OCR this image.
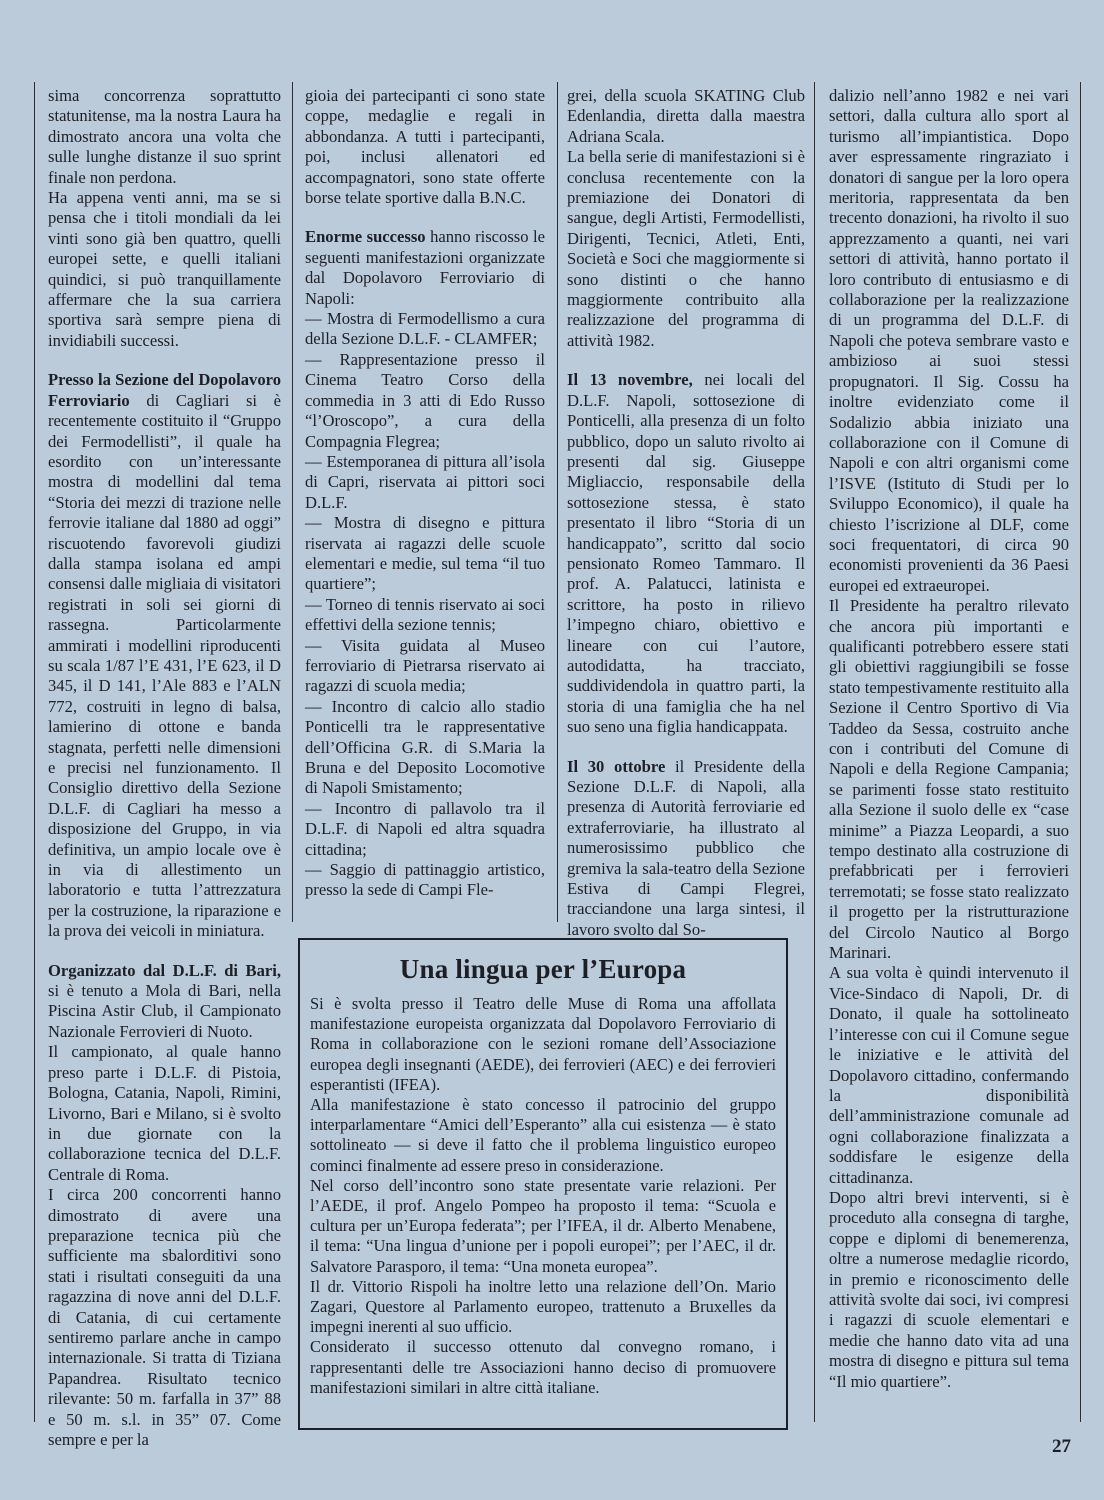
sima concorrenza soprattutto statunitense, ma la nostra Laura ha dimostrato ancora una volta che sulle lunghe distanze il suo sprint finale non perdona.

Ha appena venti anni, ma se si pensa che i titoli mondiali da lei vinti sono già ben quattro, quelli europei sette, e quelli italiani quindici, si può tranquillamente affermare che la sua carriera sportiva sarà sempre piena di invidiabili successi.

Presso la Sezione del Dopolavoro Ferroviario di Cagliari si è recentemente costituito il “Gruppo dei Fermodellisti”, il quale ha esordito con un’interessante mostra di modellini dal tema “Storia dei mezzi di trazione nelle ferrovie italiane dal 1880 ad oggi” riscuotendo favorevoli giudizi dalla stampa isolana ed ampi consensi dalle migliaia di visitatori registrati in soli sei giorni di rassegna. Particolarmente ammirati i modellini riproducenti su scala 1/87 l’E 431, l’E 623, il D 345, il D 141, l’Ale 883 e l’ALN 772, costruiti in legno di balsa, lamierino di ottone e banda stagnata, perfetti nelle dimensioni e precisi nel funzionamento. Il Consiglio direttivo della Sezione D.L.F. di Cagliari ha messo a disposizione del Gruppo, in via definitiva, un ampio locale ove è in via di allestimento un laboratorio e tutta l’attrezzatura per la costruzione, la riparazione e la prova dei veicoli in miniatura.

Organizzato dal D.L.F. di Bari, si è tenuto a Mola di Bari, nella Piscina Astir Club, il Campionato Nazionale Ferrovieri di Nuoto.

Il campionato, al quale hanno preso parte i D.L.F. di Pistoia, Bologna, Catania, Napoli, Rimini, Livorno, Bari e Milano, si è svolto in due giornate con la collaborazione tecnica del D.L.F. Centrale di Roma.

I circa 200 concorrenti hanno dimostrato di avere una preparazione tecnica più che sufficiente ma sbalorditivi sono stati i risultati conseguiti da una ragazzina di nove anni del D.L.F. di Catania, di cui certamente sentiremo parlare anche in campo internazionale. Si tratta di Tiziana Papandrea. Risultato tecnico rilevante: 50 m. farfalla in 37” 88 e 50 m. s.l. in 35” 07. Come sempre e per la

gioia dei partecipanti ci sono state coppe, medaglie e regali in abbondanza. A tutti i partecipanti, poi, inclusi allenatori ed accompagnatori, sono state offerte borse telate sportive dalla B.N.C.

Enorme successo hanno riscosso le seguenti manifestazioni organizzate dal Dopolavoro Ferroviario di Napoli:

— Mostra di Fermodellismo a cura della Sezione D.L.F. - CLAMFER;

— Rappresentazione presso il Cinema Teatro Corso della commedia in 3 atti di Edo Russo “l’Oroscopo”, a cura della Compagnia Flegrea;

— Estemporanea di pittura all’isola di Capri, riservata ai pittori soci D.L.F.

— Mostra di disegno e pittura riservata ai ragazzi delle scuole elementari e medie, sul tema “il tuo quartiere”;

— Torneo di tennis riservato ai soci effettivi della sezione tennis;

— Visita guidata al Museo ferroviario di Pietrarsa riservato ai ragazzi di scuola media;

— Incontro di calcio allo stadio Ponticelli tra le rappresentative dell’Officina G.R. di S.Maria la Bruna e del Deposito Locomotive di Napoli Smistamento;

— Incontro di pallavolo tra il D.L.F. di Napoli ed altra squadra cittadina;

— Saggio di pattinaggio artistico, presso la sede di Campi Fle-

grei, della scuola SKATING Club Edenlandia, diretta dalla maestra Adriana Scala.

La bella serie di manifestazioni si è conclusa recentemente con la premiazione dei Donatori di sangue, degli Artisti, Fermodellisti, Dirigenti, Tecnici, Atleti, Enti, Società e Soci che maggiormente si sono distinti o che hanno maggiormente contribuito alla realizzazione del programma di attività 1982.

Il 13 novembre, nei locali del D.L.F. Napoli, sottosezione di Ponticelli, alla presenza di un folto pubblico, dopo un saluto rivolto ai presenti dal sig. Giuseppe Migliaccio, responsabile della sottosezione stessa, è stato presentato il libro “Storia di un handicappato”, scritto dal socio pensionato Romeo Tammaro. Il prof. A. Palatucci, latinista e scrittore, ha posto in rilievo l’impegno chiaro, obiettivo e lineare con cui l’autore, autodidatta, ha tracciato, suddividendola in quattro parti, la storia di una famiglia che ha nel suo seno una figlia handicappata.

Il 30 ottobre il Presidente della Sezione D.L.F. di Napoli, alla presenza di Autorità ferroviarie ed extraferroviarie, ha illustrato al numerosissimo pubblico che gremiva la sala-teatro della Sezione Estiva di Campi Flegrei, tracciandone una larga sintesi, il lavoro svolto dal So-

dalizio nell’anno 1982 e nei vari settori, dalla cultura allo sport al turismo all’impiantistica. Dopo aver espressamente ringraziato i donatori di sangue per la loro opera meritoria, rappresentata da ben trecento donazioni, ha rivolto il suo apprezzamento a quanti, nei vari settori di attività, hanno portato il loro contributo di entusiasmo e di collaborazione per la realizzazione di un programma del D.L.F. di Napoli che poteva sembrare vasto e ambizioso ai suoi stessi propugnatori. Il Sig. Cossu ha inoltre evidenziato come il Sodalizio abbia iniziato una collaborazione con il Comune di Napoli e con altri organismi come l’ISVE (Istituto di Studi per lo Sviluppo Economico), il quale ha chiesto l’iscrizione al DLF, come soci frequentatori, di circa 90 economisti provenienti da 36 Paesi europei ed extraeuropei.

Il Presidente ha peraltro rilevato che ancora più importanti e qualificanti potrebbero essere stati gli obiettivi raggiungibili se fosse stato tempestivamente restituito alla Sezione il Centro Sportivo di Via Taddeo da Sessa, costruito anche con i contributi del Comune di Napoli e della Regione Campania; se parimenti fosse stato restituito alla Sezione il suolo delle ex “case minime” a Piazza Leopardi, a suo tempo destinato alla costruzione di prefabbricati per i ferrovieri terremotati; se fosse stato realizzato il progetto per la ristrutturazione del Circolo Nautico al Borgo Marinari.

A sua volta è quindi intervenuto il Vice-Sindaco di Napoli, Dr. di Donato, il quale ha sottolineato l’interesse con cui il Comune segue le iniziative e le attività del Dopolavoro cittadino, confermando la disponibilità dell’amministrazione comunale ad ogni collaborazione finalizzata a soddisfare le esigenze della cittadinanza.

Dopo altri brevi interventi, si è proceduto alla consegna di targhe, coppe e diplomi di benemerenza, oltre a numerose medaglie ricordo, in premio e riconoscimento delle attività svolte dai soci, ivi compresi i ragazzi di scuole elementari e medie che hanno dato vita ad una mostra di disegno e pittura sul tema “Il mio quartiere”.

Una lingua per l’Europa

Si è svolta presso il Teatro delle Muse di Roma una affollata manifestazione europeista organizzata dal Dopolavoro Ferroviario di Roma in collaborazione con le sezioni romane dell’Associazione europea degli insegnanti (AEDE), dei ferrovieri (AEC) e dei ferrovieri esperantisti (IFEA).

Alla manifestazione è stato concesso il patrocinio del gruppo interparlamentare “Amici dell’Esperanto” alla cui esistenza — è stato sottolineato — si deve il fatto che il problema linguistico europeo cominci finalmente ad essere preso in considerazione.

Nel corso dell’incontro sono state presentate varie relazioni. Per l’AEDE, il prof. Angelo Pompeo ha proposto il tema: “Scuola e cultura per un’Europa federata”; per l’IFEA, il dr. Alberto Menabene, il tema: “Una lingua d’unione per i popoli europei”; per l’AEC, il dr. Salvatore Parasporo, il tema: “Una moneta europea”.

Il dr. Vittorio Rispoli ha inoltre letto una relazione dell’On. Mario Zagari, Questore al Parlamento europeo, trattenuto a Bruxelles da impegni inerenti al suo ufficio.

Considerato il successo ottenuto dal convegno romano, i rappresentanti delle tre Associazioni hanno deciso di promuovere manifestazioni similari in altre città italiane.

27
